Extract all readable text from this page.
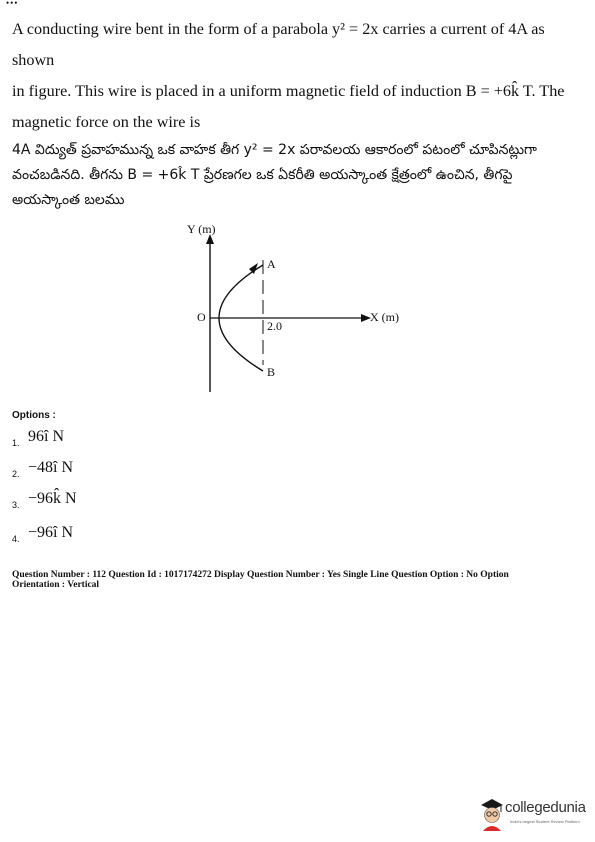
•••

A conducting wire bent in the form of a parabola y² = 2x carries a current of 4A as shown

in figure. This wire is placed in a uniform magnetic field of induction B = +6k̂ T. The

magnetic force on the wire is

4A విద్యుత్ ప్రవాహమున్న ఒక వాహక తీగ y² = 2x పరావలయ ఆకారంలో పటంలో చూపినట్లుగా

వంచబడినది. తీగను B = +6k̂ T ప్రేరణగల ఒక ఏకరీతి అయస్కాంత క్షేత్రంలో ఉంచిన, తీగపై

అయస్కాంత బలము

Y (m)
X (m)
O
A
B
2.0
Options :
1. 96î N
2. −48î N
3. −96k̂ N
4. −96î N
Question Number : 112 Question Id : 1017174272 Display Question Number : Yes Single Line Question Option : No Option
Orientation : Vertical
collegedunia
India's largest Student Review Platform
